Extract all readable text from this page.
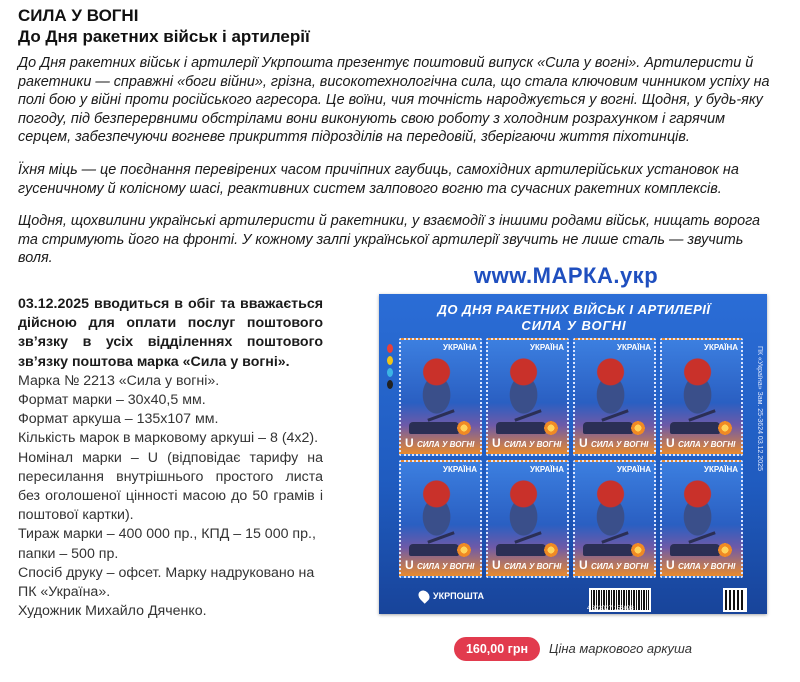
СИЛА У ВОГНІ
До Дня ракетних військ і артилерії

До Дня ракетних військ і артилерії Укрпошта презентує поштовий випуск «Сила у вогні». Артилеристи й ракетники — справжні «боги війни», грізна, високотехнологічна сила, що стала ключовим чинником успіху на полі бою у війні проти російського агресора. Це воїни, чия точність народжується у вогні. Щодня, у будь-яку погоду, під безперервними обстрілами вони виконують свою роботу з холодним розрахунком і гарячим серцем, забезпечуючи вогневе прикриття підрозділів на передовій, зберігаючи життя піхотинців.

Їхня міць — це поєднання перевірених часом причіпних гаубиць, самохідних артилерійських установок на гусеничному й колісному шасі, реактивних систем залпового вогню та сучасних ракетних комплексів.

Щодня, щохвилини українські артилеристи й ракетники, у взаємодії з іншими родами військ, нищать ворога та стримують його на фронті. У кожному залпі української артилерії звучить не лише сталь — звучить воля.

www.МАРКА.укр
03.12.2025 вводиться в обіг та вважається дійсною для оплати послуг поштового зв’язку в усіх відділеннях поштового зв’язку поштова марка «Сила у вогні».

Марка № 2213 «Сила у вогні».

Формат марки – 30х40,5 мм.

Формат аркуша – 135х107 мм.

Кількість марок в марковому аркуші – 8 (4х2).

Номінал марки – U (відповідає тарифу на пересилання внутрішнього простого листа без оголошеної цінності масою до 50 грамів і поштової картки).

Тираж марки – 400 000 пр., КПД – 15 000 пр., папки – 500 пр.

Спосіб друку – офсет. Марку надруковано на ПК «Україна».

Художник Михайло Дяченко.

ДО ДНЯ РАКЕТНИХ ВІЙСЬК І АРТИЛЕРІЇ
СИЛА У ВОГНІ
ПК «Україна» Зам. 25-3624 03.12.2025
УКРАЇНА
U СИЛА У ВОГНІ
УКРАЇНА
U СИЛА У ВОГНІ
УКРАЇНА
U СИЛА У ВОГНІ
УКРАЇНА
U СИЛА У ВОГНІ
УКРАЇНА
U СИЛА У ВОГНІ
УКРАЇНА
U СИЛА У ВОГНІ
УКРАЇНА
U СИЛА У ВОГНІ
УКРАЇНА
U СИЛА У ВОГНІ
УКРПОШТА
4 823027 155098
160,00 грн	Ціна маркового аркуша
